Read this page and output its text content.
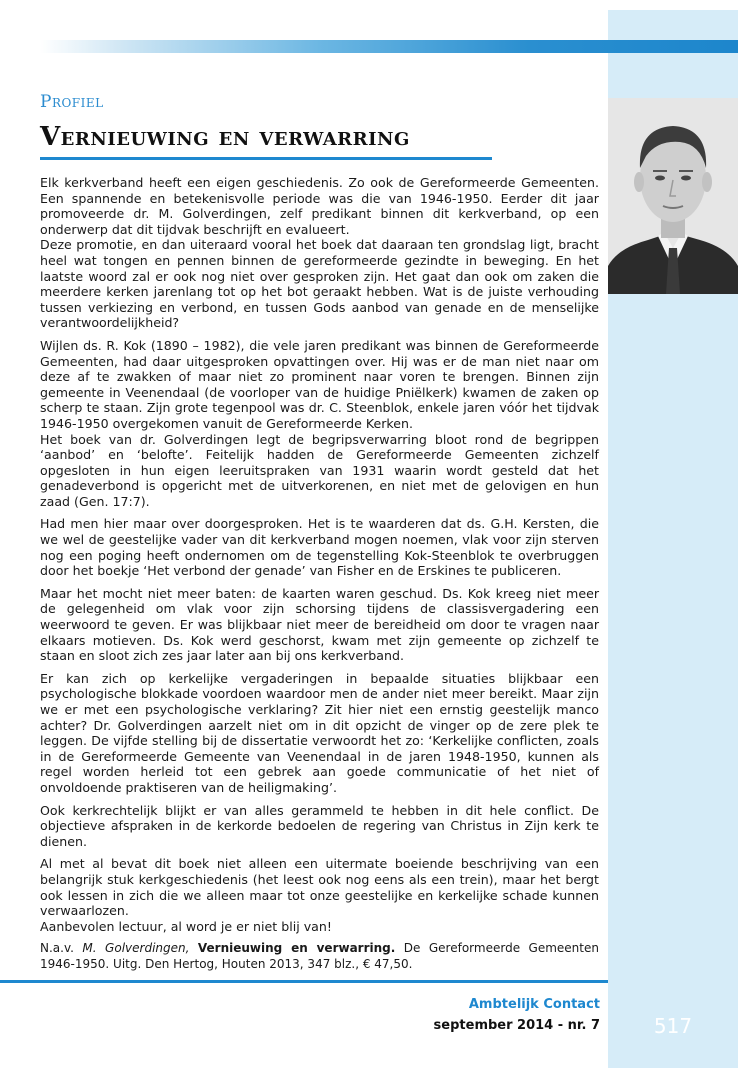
Profiel
Vernieuwing en verwarring

Elk kerkverband heeft een eigen geschiedenis. Zo ook de Gereformeerde Gemeenten. Een spannende en betekenisvolle periode was die van 1946-1950. Eerder dit jaar promoveerde dr. M. Golverdingen, zelf predikant binnen dit kerkverband, op een onderwerp dat dit tijdvak beschrijft en evalueert.

Deze promotie, en dan uiteraard vooral het boek dat daaraan ten grondslag ligt, bracht heel wat tongen en pennen binnen de gereformeerde gezindte in beweging. En het laatste woord zal er ook nog niet over gesproken zijn. Het gaat dan ook om zaken die meerdere kerken jarenlang tot op het bot geraakt hebben. Wat is de juiste verhouding tussen verkiezing en verbond, en tussen Gods aanbod van genade en de menselijke verantwoordelijkheid?

Wijlen ds. R. Kok (1890 – 1982), die vele jaren predikant was binnen de Gereformeerde Gemeenten, had daar uitgesproken opvattingen over. Hij was er de man niet naar om deze af te zwakken of maar niet zo prominent naar voren te brengen. Binnen zijn gemeente in Veenendaal (de voorloper van de huidige Pniëlkerk) kwamen de zaken op scherp te staan. Zijn grote tegenpool was dr. C. Steenblok, enkele jaren vóór het tijdvak 1946-1950 overgekomen vanuit de Gereformeerde Kerken.

Het boek van dr. Golverdingen legt de begripsverwarring bloot rond de begrippen ‘aanbod’ en ‘belofte’. Feitelijk hadden de Gereformeerde Gemeenten zichzelf opgesloten in hun eigen leeruitspraken van 1931 waarin wordt gesteld dat het genadeverbond is opgericht met de uitverkorenen, en niet met de gelovigen en hun zaad (Gen. 17:7).

Had men hier maar over doorgesproken. Het is te waarderen dat ds. G.H. Kersten, die we wel de geestelijke vader van dit kerkverband mogen noemen, vlak voor zijn sterven nog een poging heeft ondernomen om de tegenstelling Kok-Steenblok te overbruggen door het boekje ‘Het verbond der genade’ van Fisher en de Erskines te publiceren.

Maar het mocht niet meer baten: de kaarten waren geschud. Ds. Kok kreeg niet meer de gelegenheid om vlak voor zijn schorsing tijdens de classisvergadering een weerwoord te geven. Er was blijkbaar niet meer de bereidheid om door te vragen naar elkaars motieven. Ds. Kok werd geschorst, kwam met zijn gemeente op zichzelf te staan en sloot zich zes jaar later aan bij ons kerkverband.

Er kan zich op kerkelijke vergaderingen in bepaalde situaties blijkbaar een psychologische blokkade voordoen waardoor men de ander niet meer bereikt. Maar zijn we er met een psychologische verklaring? Zit hier niet een ernstig geestelijk manco achter? Dr. Golverdingen aarzelt niet om in dit opzicht de vinger op de zere plek te leggen. De vijfde stelling bij de dissertatie verwoordt het zo: ‘Kerkelijke conflicten, zoals in de Gereformeerde Gemeente van Veenendaal in de jaren 1948-1950, kunnen als regel worden herleid tot een gebrek aan goede communicatie of het niet of onvoldoende praktiseren van de heiligmaking’.

Ook kerkrechtelijk blijkt er van alles gerammeld te hebben in dit hele conflict. De objectieve afspraken in de kerkorde bedoelen de regering van Christus in Zijn kerk te dienen.

Al met al bevat dit boek niet alleen een uitermate boeiende beschrijving van een belangrijk stuk kerkgeschiedenis (het leest ook nog eens als een trein), maar het bergt ook lessen in zich die we alleen maar tot onze geestelijke en kerkelijke schade kunnen verwaarlozen.

Aanbevolen lectuur, al word je er niet blij van!

N.a.v. M. Golverdingen, Vernieuwing en verwarring. De Gereformeerde Gemeenten 1946-1950. Uitg. Den Hertog, Houten 2013, 347 blz., € 47,50.

Ambtelijk Contact
september 2014 - nr. 7	517
